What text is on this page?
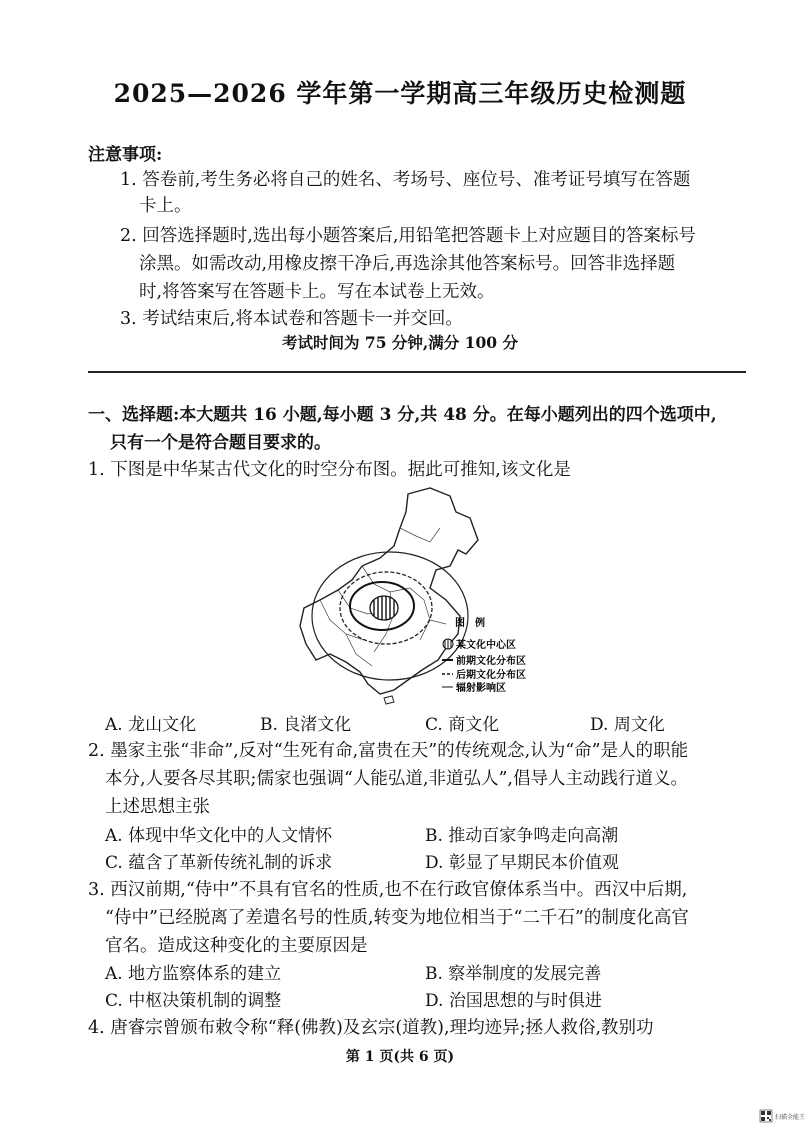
2025—2026 学年第一学期高三年级历史检测题
注意事项:
1. 答卷前,考生务必将自己的姓名、考场号、座位号、准考证号填写在答题
卡上。
2. 回答选择题时,选出每小题答案后,用铅笔把答题卡上对应题目的答案标号
涂黑。如需改动,用橡皮擦干净后,再选涂其他答案标号。回答非选择题
时,将答案写在答题卡上。写在本试卷上无效。
3. 考试结束后,将本试卷和答题卡一并交回。
考试时间为 75 分钟,满分 100 分
一、选择题:本大题共 16 小题,每小题 3 分,共 48 分。在每小题列出的四个选项中,
只有一个是符合题目要求的。
1. 下图是中华某古代文化的时空分布图。据此可推知,该文化是
图　例
某文化中心区
前期文化分布区
后期文化分布区
辐射影响区
A. 龙山文化	B. 良渚文化	C. 商文化	D. 周文化
2. 墨家主张“非命”,反对“生死有命,富贵在天”的传统观念,认为“命”是人的职能
本分,人要各尽其职;儒家也强调“人能弘道,非道弘人”,倡导人主动践行道义。
上述思想主张
A. 体现中华文化中的人文情怀	B. 推动百家争鸣走向高潮
C. 蕴含了革新传统礼制的诉求	D. 彰显了早期民本价值观
3. 西汉前期,“侍中”不具有官名的性质,也不在行政官僚体系当中。西汉中后期,
“侍中”已经脱离了差遣名号的性质,转变为地位相当于“二千石”的制度化高官
官名。造成这种变化的主要原因是
A. 地方监察体系的建立	B. 察举制度的发展完善
C. 中枢决策机制的调整	D. 治国思想的与时俱进
4. 唐睿宗曾颁布敕令称“释(佛教)及玄宗(道教),理均迹异;拯人救俗,教别功
第 1 页(共 6 页)
扫描全能王
